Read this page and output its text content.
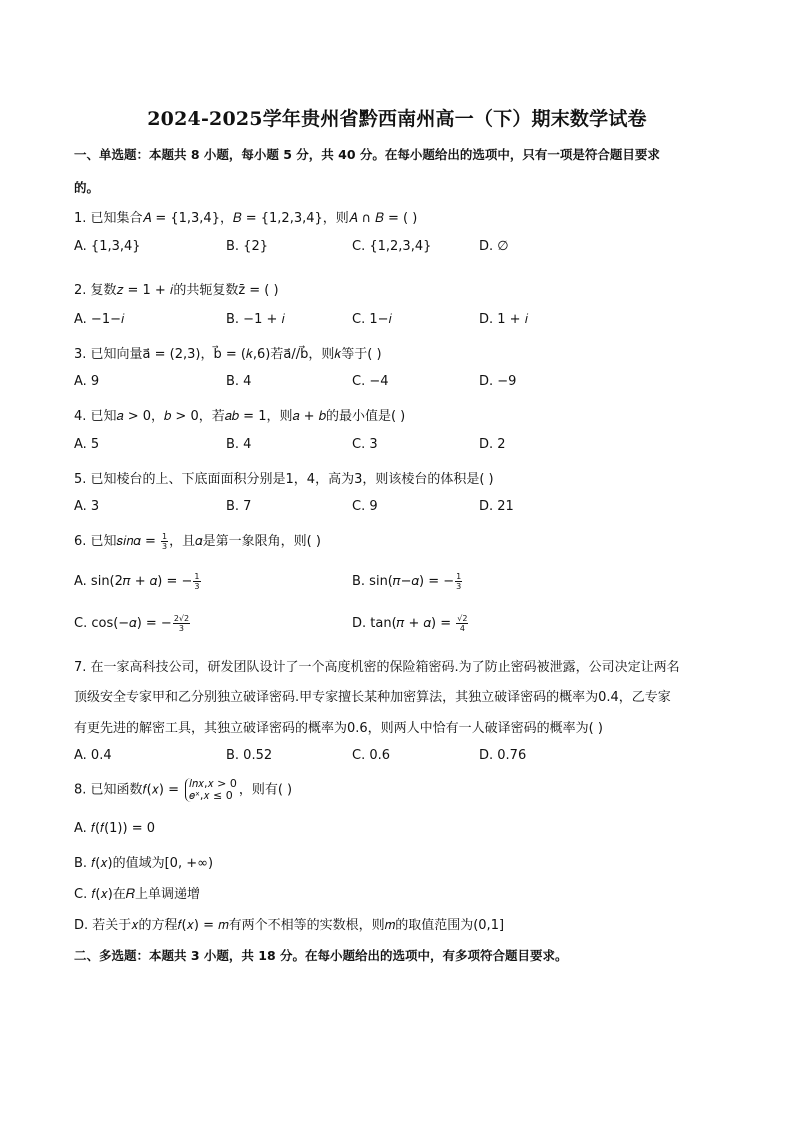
2024-2025学年贵州省黔西南州高一（下）期末数学试卷
一、单选题：本题共 8 小题，每小题 5 分，共 40 分。在每小题给出的选项中，只有一项是符合题目要求
的。
1. 已知集合𝐴 = {1,3,4}，𝐵 = {1,2,3,4}，则𝐴 ∩ 𝐵 = ( )
A. {1,3,4}	B. {2}	C. {1,2,3,4}	D. ∅
2. 复数𝑧 = 1 + 𝑖的共轭复数z̄ = ( )
A. −1−𝑖	B. −1 + 𝑖	C. 1−𝑖	D. 1 + 𝑖
3. 已知向量a⃗ = (2,3)，b⃗ = (𝑘,6)若a⃗//b⃗，则𝑘等于( )
A. 9	B. 4	C. −4	D. −9
4. 已知𝑎 > 0，𝑏 > 0，若𝑎𝑏 = 1，则𝑎 + 𝑏的最小值是( )
A. 5	B. 4	C. 3	D. 2
5. 已知棱台的上、下底面面积分别是1，4，高为3，则该棱台的体积是( )
A. 3	B. 7	C. 9	D. 21
6. 已知𝑠𝑖𝑛𝛼 = $\frac{1}{3}$ ，且𝛼是第一象限角，则( )
A. sin(2𝜋 + 𝛼) = − $\frac{1}{3}$	B. sin(𝜋−𝛼) = − $\frac{1}{3}$
C. cos(−𝛼) = − $\frac{2√2}{3}$	D. tan(𝜋 + 𝛼) = $\frac{√2}{4}$
7. 在一家高科技公司，研发团队设计了一个高度机密的保险箱密码.为了防止密码被泄露，公司决定让两名
顶级安全专家甲和乙分别独立破译密码.甲专家擅长某种加密算法，其独立破译密码的概率为0.4，乙专家
有更先进的解密工具，其独立破译密码的概率为0.6，则两人中恰有一人破译密码的概率为( )
A. 0.4	B. 0.52	C. 0.6	D. 0.76
8. 已知函数𝑓(𝑥) = 𝑙𝑛𝑥,𝑥 > 0
𝑒ˣ,𝑥 ≤ 0 ，则有( )
A. 𝑓(𝑓(1)) = 0
B. 𝑓(𝑥)的值域为[0, +∞)
C. 𝑓(𝑥)在𝑅上单调递增
D. 若关于𝑥的方程𝑓(𝑥) = 𝑚有两个不相等的实数根，则𝑚的取值范围为(0,1]
二、多选题：本题共 3 小题，共 18 分。在每小题给出的选项中，有多项符合题目要求。
